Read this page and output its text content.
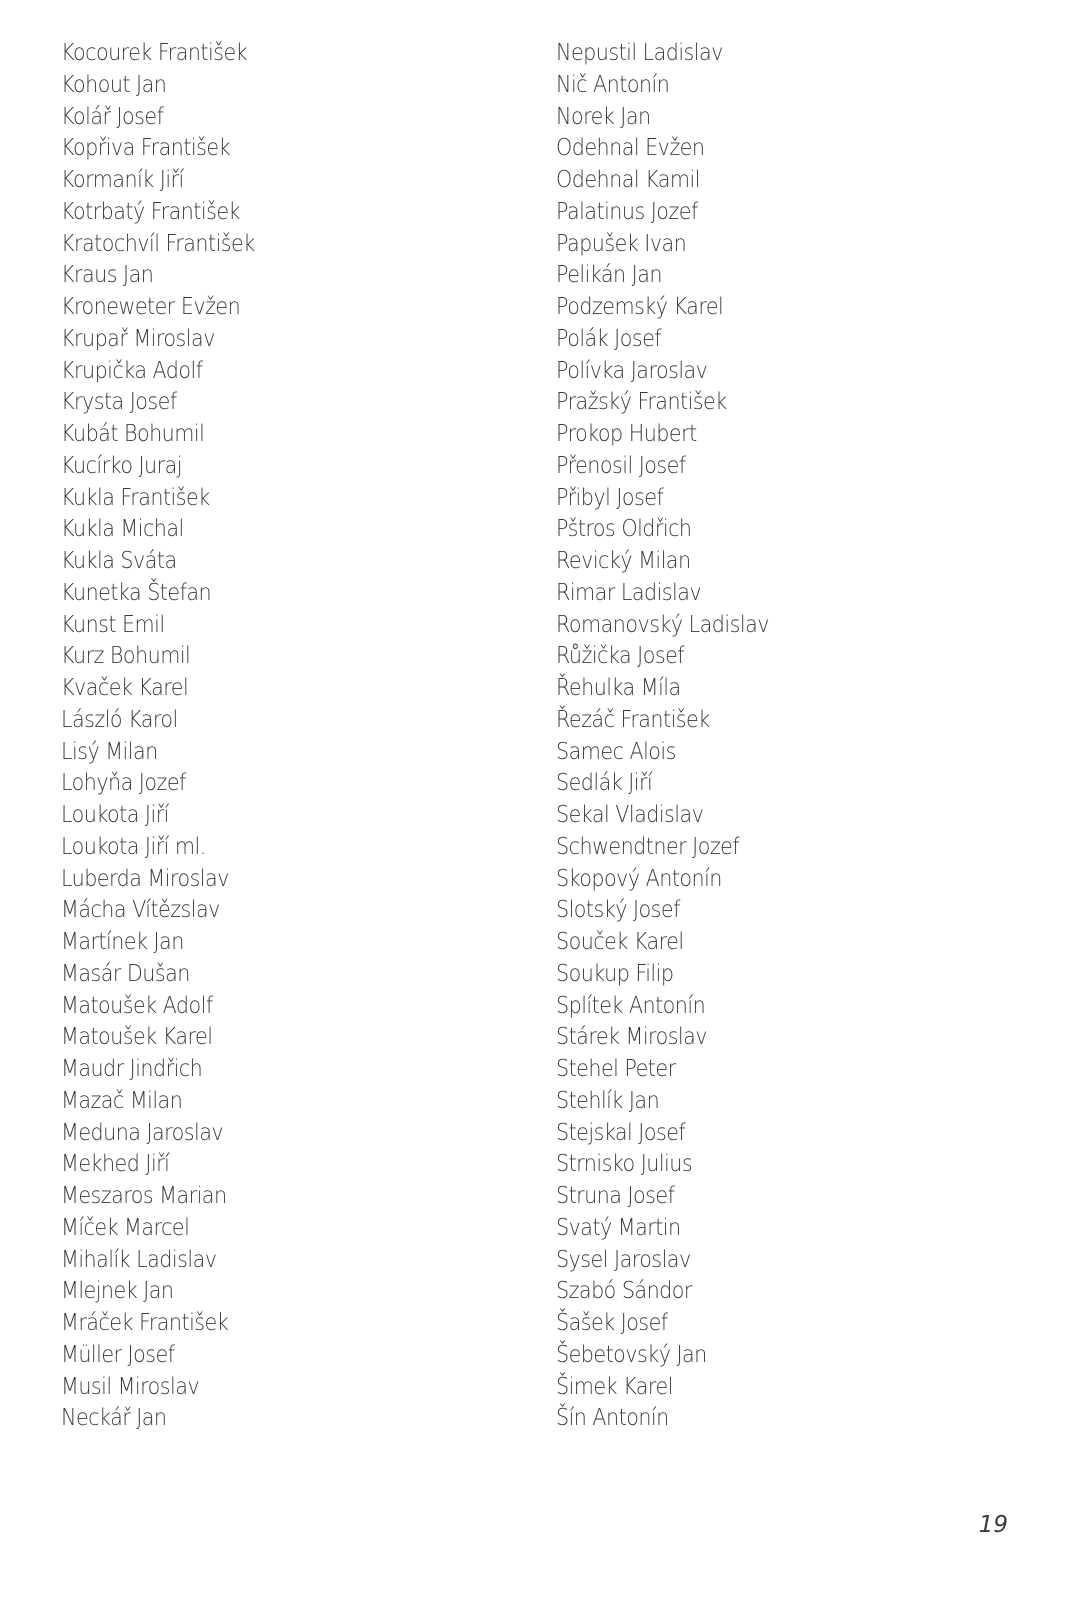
Kocourek František
Kohout Jan
Kolář Josef
Kopřiva František
Kormaník Jiří
Kotrbatý František
Kratochvíl František
Kraus Jan
Kroneweter Evžen
Krupař Miroslav
Krupička Adolf
Krysta Josef
Kubát Bohumil
Kucírko Juraj
Kukla František
Kukla Michal
Kukla Sváta
Kunetka Štefan
Kunst Emil
Kurz Bohumil
Kvaček Karel
László Karol
Lisý Milan
Lohyňa Jozef
Loukota Jiří
Loukota Jiří ml.
Luberda Miroslav
Mácha Vítězslav
Martínek Jan
Masár Dušan
Matoušek Adolf
Matoušek Karel
Maudr Jindřich
Mazač Milan
Meduna Jaroslav
Mekhed Jiří
Meszaros Marian
Míček Marcel
Mihalík Ladislav
Mlejnek Jan
Mráček František
Müller Josef
Musil Miroslav
Neckář Jan
Nepustil Ladislav
Nič Antonín
Norek Jan
Odehnal Evžen
Odehnal Kamil
Palatinus Jozef
Papušek Ivan
Pelikán Jan
Podzemský Karel
Polák Josef
Polívka Jaroslav
Pražský František
Prokop Hubert
Přenosil Josef
Přibyl Josef
Pštros Oldřich
Revický Milan
Rimar Ladislav
Romanovský Ladislav
Růžička Josef
Řehulka Míla
Řezáč František
Samec Alois
Sedlák Jiří
Sekal Vladislav
Schwendtner Jozef
Skopový Antonín
Slotský Josef
Souček Karel
Soukup Filip
Splítek Antonín
Stárek Miroslav
Stehel Peter
Stehlík Jan
Stejskal Josef
Strnisko Julius
Struna Josef
Svatý Martin
Sysel Jaroslav
Szabó Sándor
Šašek Josef
Šebetovský Jan
Šimek Karel
Šín Antonín
19
